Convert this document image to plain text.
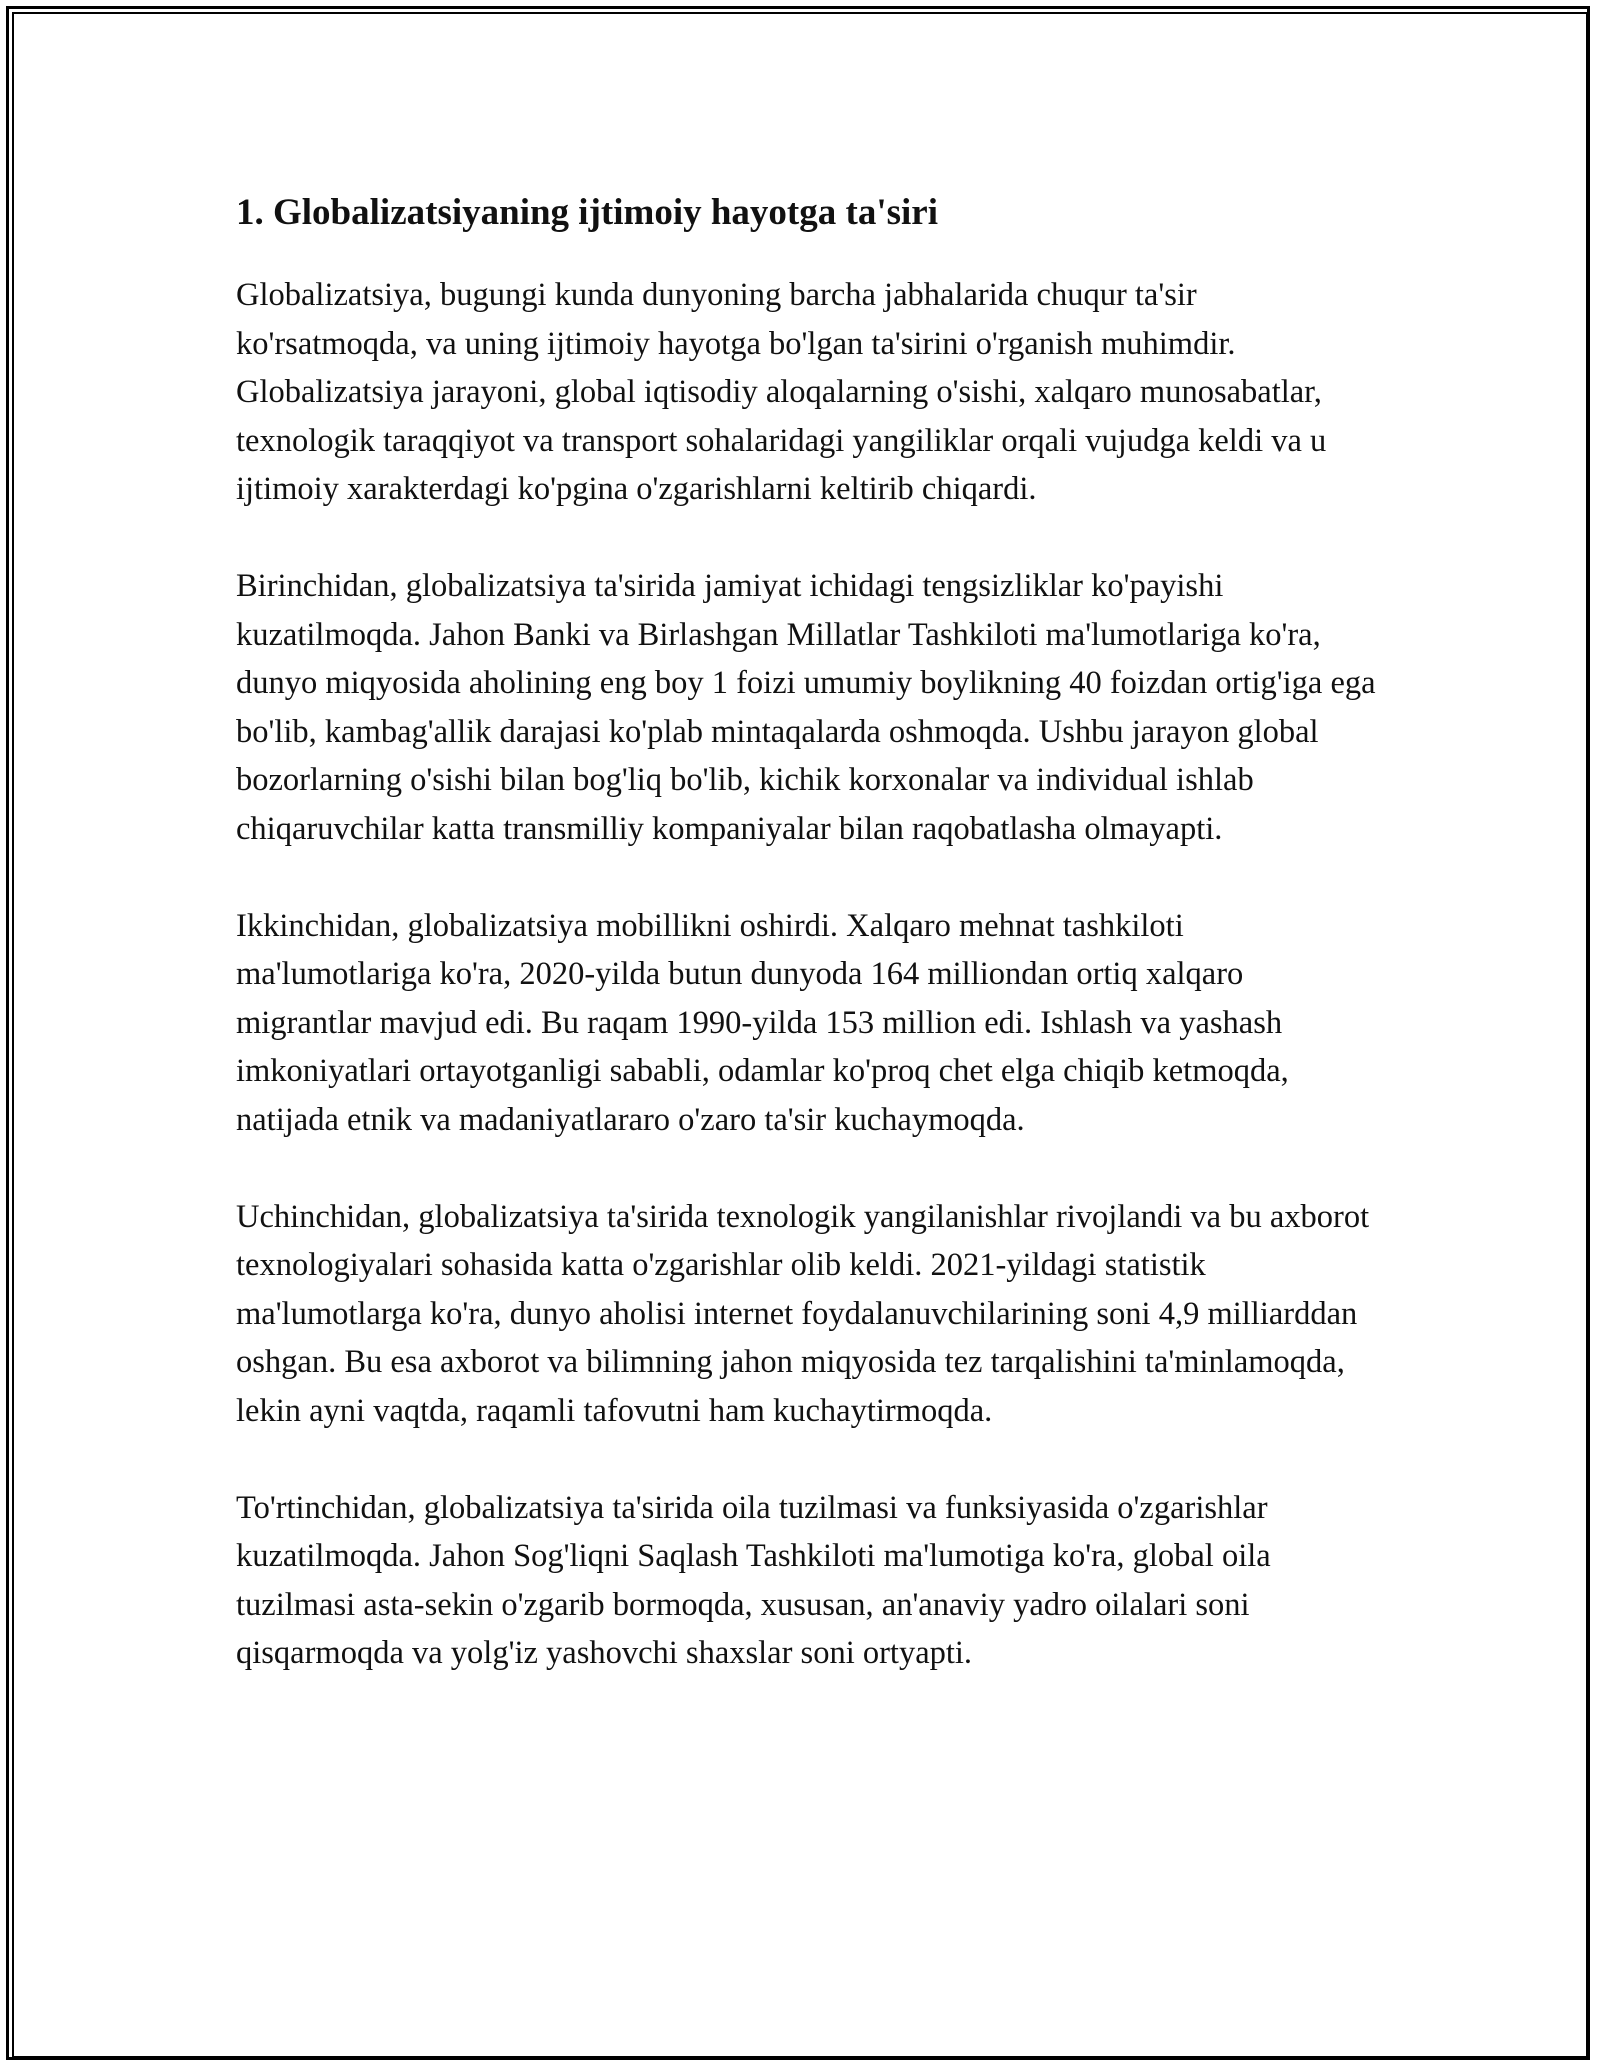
1. Globalizatsiyaning ijtimoiy hayotga ta'siri

Globalizatsiya, bugungi kunda dunyoning barcha jabhalarida chuqur ta'sir ko'rsatmoqda, va uning ijtimoiy hayotga bo'lgan ta'sirini o'rganish muhimdir. Globalizatsiya jarayoni, global iqtisodiy aloqalarning o'sishi, xalqaro munosabatlar, texnologik taraqqiyot va transport sohalaridagi yangiliklar orqali vujudga keldi va u ijtimoiy xarakterdagi ko'pgina o'zgarishlarni keltirib chiqardi.

Birinchidan, globalizatsiya ta'sirida jamiyat ichidagi tengsizliklar ko'payishi kuzatilmoqda. Jahon Banki va Birlashgan Millatlar Tashkiloti ma'lumotlariga ko'ra, dunyo miqyosida aholining eng boy 1 foizi umumiy boylikning 40 foizdan ortig'iga ega bo'lib, kambag'allik darajasi ko'plab mintaqalarda oshmoqda. Ushbu jarayon global bozorlarning o'sishi bilan bog'liq bo'lib, kichik korxonalar va individual ishlab chiqaruvchilar katta transmilliy kompaniyalar bilan raqobatlasha olmayapti.

Ikkinchidan, globalizatsiya mobillikni oshirdi. Xalqaro mehnat tashkiloti ma'lumotlariga ko'ra, 2020-yilda butun dunyoda 164 milliondan ortiq xalqaro migrantlar mavjud edi. Bu raqam 1990-yilda 153 million edi. Ishlash va yashash imkoniyatlari ortayotganligi sababli, odamlar ko'proq chet elga chiqib ketmoqda, natijada etnik va madaniyatlararo o'zaro ta'sir kuchaymoqda.

Uchinchidan, globalizatsiya ta'sirida texnologik yangilanishlar rivojlandi va bu axborot texnologiyalari sohasida katta o'zgarishlar olib keldi. 2021-yildagi statistik ma'lumotlarga ko'ra, dunyo aholisi internet foydalanuvchilarining soni 4,9 milliarddan oshgan. Bu esa axborot va bilimning jahon miqyosida tez tarqalishini ta'minlamoqda, lekin ayni vaqtda, raqamli tafovutni ham kuchaytirmoqda.

To'rtinchidan, globalizatsiya ta'sirida oila tuzilmasi va funksiyasida o'zgarishlar kuzatilmoqda. Jahon Sog'liqni Saqlash Tashkiloti ma'lumotiga ko'ra, global oila tuzilmasi asta-sekin o'zgarib bormoqda, xususan, an'anaviy yadro oilalari soni qisqarmoqda va yolg'iz yashovchi shaxslar soni ortyapti.
